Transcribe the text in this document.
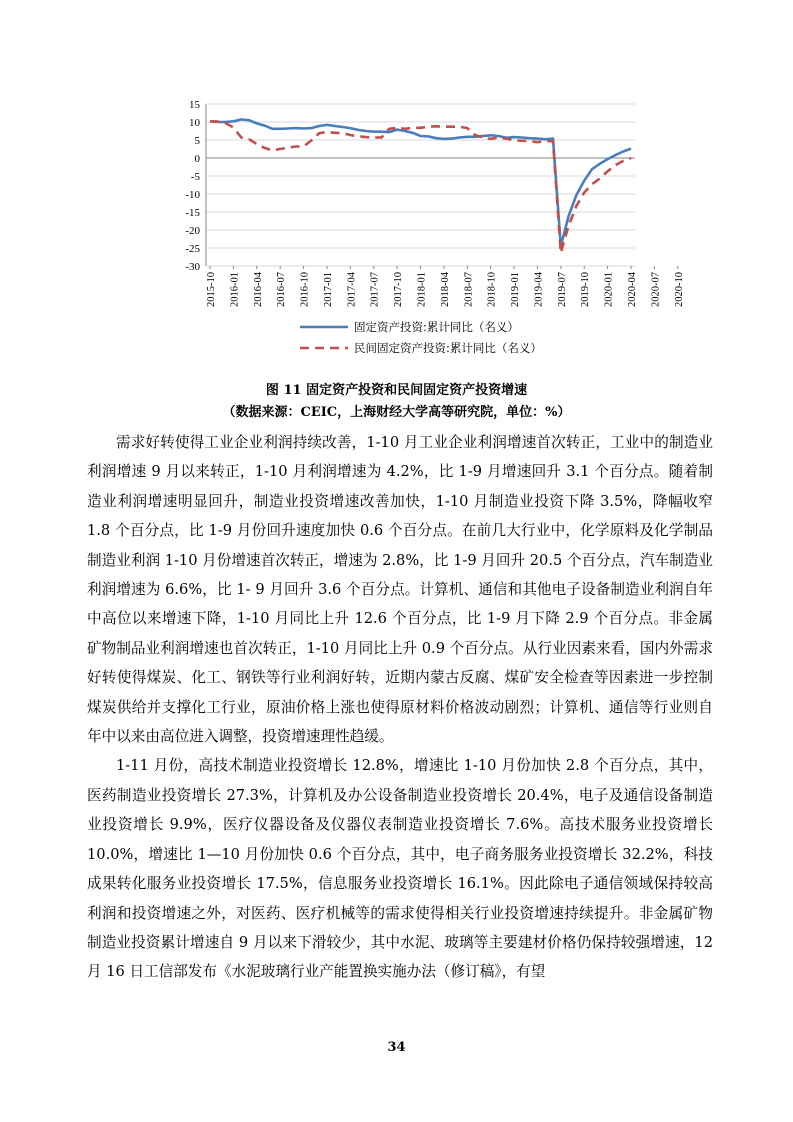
15
10
5
0
-5
-10
-15
-20
-25
-30
2015-10 2016-01 2016-04 2016-07 2016-10 2017-01 2017-04 2017-07 2017-10 2018-01 2018-04 2018-07 2018-10 2019-01 2019-04 2019-07 2019-10 2020-01 2020-04 2020-07 2020-10
固定资产投资:累计同比（名义）
民间固定资产投资:累计同比（名义）
图 11 固定资产投资和民间固定资产投资增速
（数据来源：CEIC，上海财经大学高等研究院，单位：%）

需求好转使得工业企业利润持续改善，1-10 月工业企业利润增速首次转正，工业中的制造业利润增速 9 月以来转正，1-10 月利润增速为 4.2%，比 1-9 月增速回升 3.1 个百分点。随着制造业利润增速明显回升，制造业投资增速改善加快，1-10 月制造业投资下降 3.5%，降幅收窄 1.8 个百分点，比 1-9 月份回升速度加快 0.6 个百分点。在前几大行业中，化学原料及化学制品制造业利润 1-10 月份增速首次转正，增速为 2.8%，比 1-9 月回升 20.5 个百分点，汽车制造业利润增速为 6.6%，比 1- 9 月回升 3.6 个百分点。计算机、通信和其他电子设备制造业利润自年中高位以来增速下降，1-10 月同比上升 12.6 个百分点，比 1-9 月下降 2.9 个百分点。非金属矿物制品业利润增速也首次转正，1-10 月同比上升 0.9 个百分点。从行业因素来看，国内外需求好转使得煤炭、化工、钢铁等行业利润好转，近期内蒙古反腐、煤矿安全检查等因素进一步控制煤炭供给并支撑化工行业，原油价格上涨也使得原材料价格波动剧烈；计算机、通信等行业则自年中以来由高位进入调整，投资增速理性趋缓。

1-11 月份，高技术制造业投资增长 12.8%，增速比 1-10 月份加快 2.8 个百分点，其中，医药制造业投资增长 27.3%，计算机及办公设备制造业投资增长 20.4%，电子及通信设备制造业投资增长 9.9%，医疗仪器设备及仪器仪表制造业投资增长 7.6%。高技术服务业投资增长 10.0%，增速比 1—10 月份加快 0.6 个百分点，其中，电子商务服务业投资增长 32.2%，科技成果转化服务业投资增长 17.5%，信息服务业投资增长 16.1%。因此除电子通信领域保持较高利润和投资增速之外，对医药、医疗机械等的需求使得相关行业投资增速持续提升。非金属矿物制造业投资累计增速自 9 月以来下滑较少，其中水泥、玻璃等主要建材价格仍保持较强增速，12 月 16 日工信部发布《水泥玻璃行业产能置换实施办法（修订稿》，有望

34
